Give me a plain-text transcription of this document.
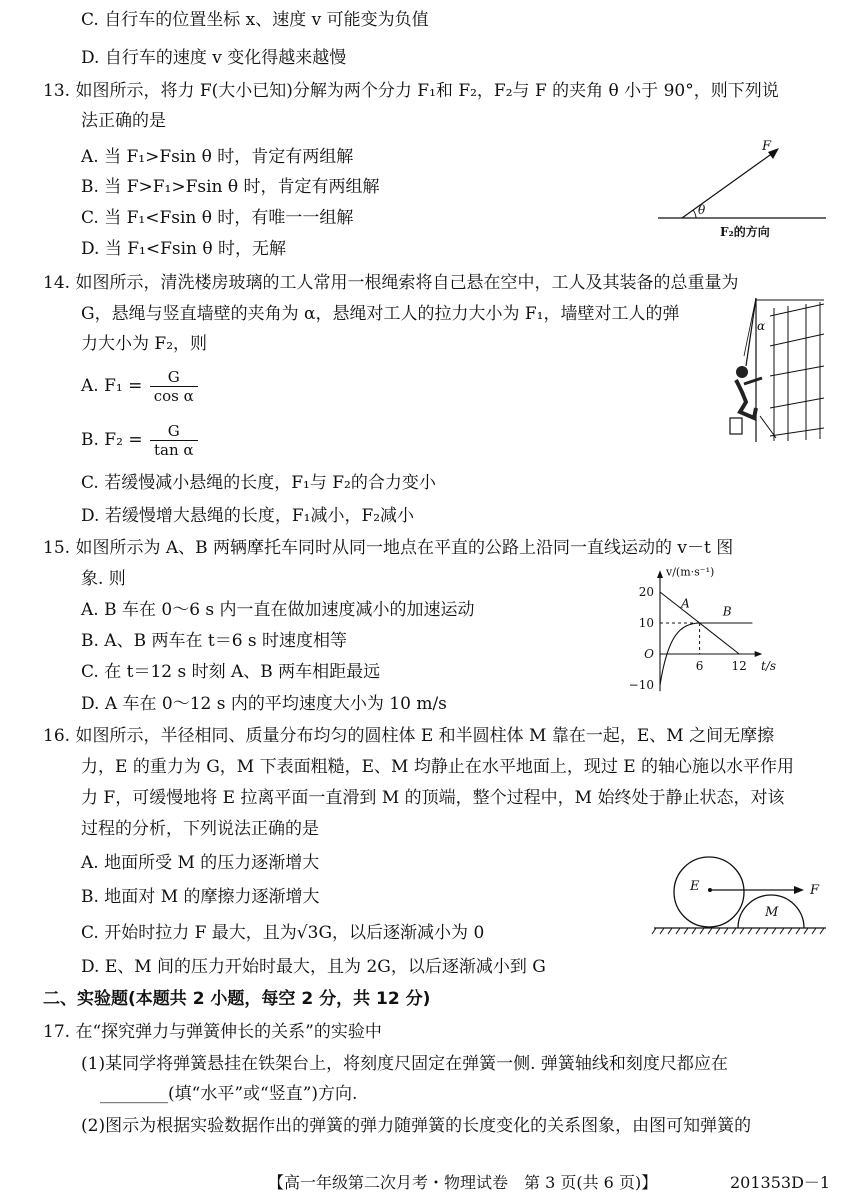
C. 自行车的位置坐标 x、速度 v 可能变为负值
D. 自行车的速度 v 变化得越来越慢
13. 如图所示，将力 F(大小已知)分解为两个分力 F₁和 F₂，F₂与 F 的夹角 θ 小于 90°，则下列说
法正确的是
A. 当 F₁>Fsin θ 时，肯定有两组解
B. 当 F>F₁>Fsin θ 时，肯定有两组解
C. 当 F₁<Fsin θ 时，有唯一一组解
D. 当 F₁<Fsin θ 时，无解
14. 如图所示，清洗楼房玻璃的工人常用一根绳索将自己悬在空中，工人及其装备的总重量为
G，悬绳与竖直墙壁的夹角为 α，悬绳对工人的拉力大小为 F₁，墙壁对工人的弹
力大小为 F₂，则
A. $F_1 = \frac{G}{\text{cos α}}$
B. $F_2 = \frac{G}{\text{tan α}}$
C. 若缓慢减小悬绳的长度，F₁与 F₂的合力变小
D. 若缓慢增大悬绳的长度，F₁减小，F₂减小
15. 如图所示为 A、B 两辆摩托车同时从同一地点在平直的公路上沿同一直线运动的 v－t 图
象. 则
A. B 车在 0～6 s 内一直在做加速度减小的加速运动
B. A、B 两车在 t＝6 s 时速度相等
C. 在 t＝12 s 时刻 A、B 两车相距最远
D. A 车在 0～12 s 内的平均速度大小为 10 m/s
16. 如图所示，半径相同、质量分布均匀的圆柱体 E 和半圆柱体 M 靠在一起，E、M 之间无摩擦
力，E 的重力为 G，M 下表面粗糙，E、M 均静止在水平地面上，现过 E 的轴心施以水平作用
力 F，可缓慢地将 E 拉离平面一直滑到 M 的顶端，整个过程中，M 始终处于静止状态，对该
过程的分析，下列说法正确的是
A. 地面所受 M 的压力逐渐增大
B. 地面对 M 的摩擦力逐渐增大
C. 开始时拉力 F 最大，且为√3G，以后逐渐减小为 0
D. E、M 间的压力开始时最大，且为 2G，以后逐渐减小到 G
二、实验题(本题共 2 小题，每空 2 分，共 12 分)
17. 在“探究弹力与弹簧伸长的关系”的实验中
(1)某同学将弹簧悬挂在铁架台上，将刻度尺固定在弹簧一侧. 弹簧轴线和刻度尺都应在
________(填“水平”或“竖直”)方向.
(2)图示为根据实验数据作出的弹簧的弹力随弹簧的长度变化的关系图象，由图可知弹簧的
θ
F
F₂的方向
α
20
10
O
−10
6 12
v/(m·s⁻¹)
t/s
A
B
E
M
F
【高一年级第二次月考・物理试卷　第 3 页(共 6 页)】	201353D－1
